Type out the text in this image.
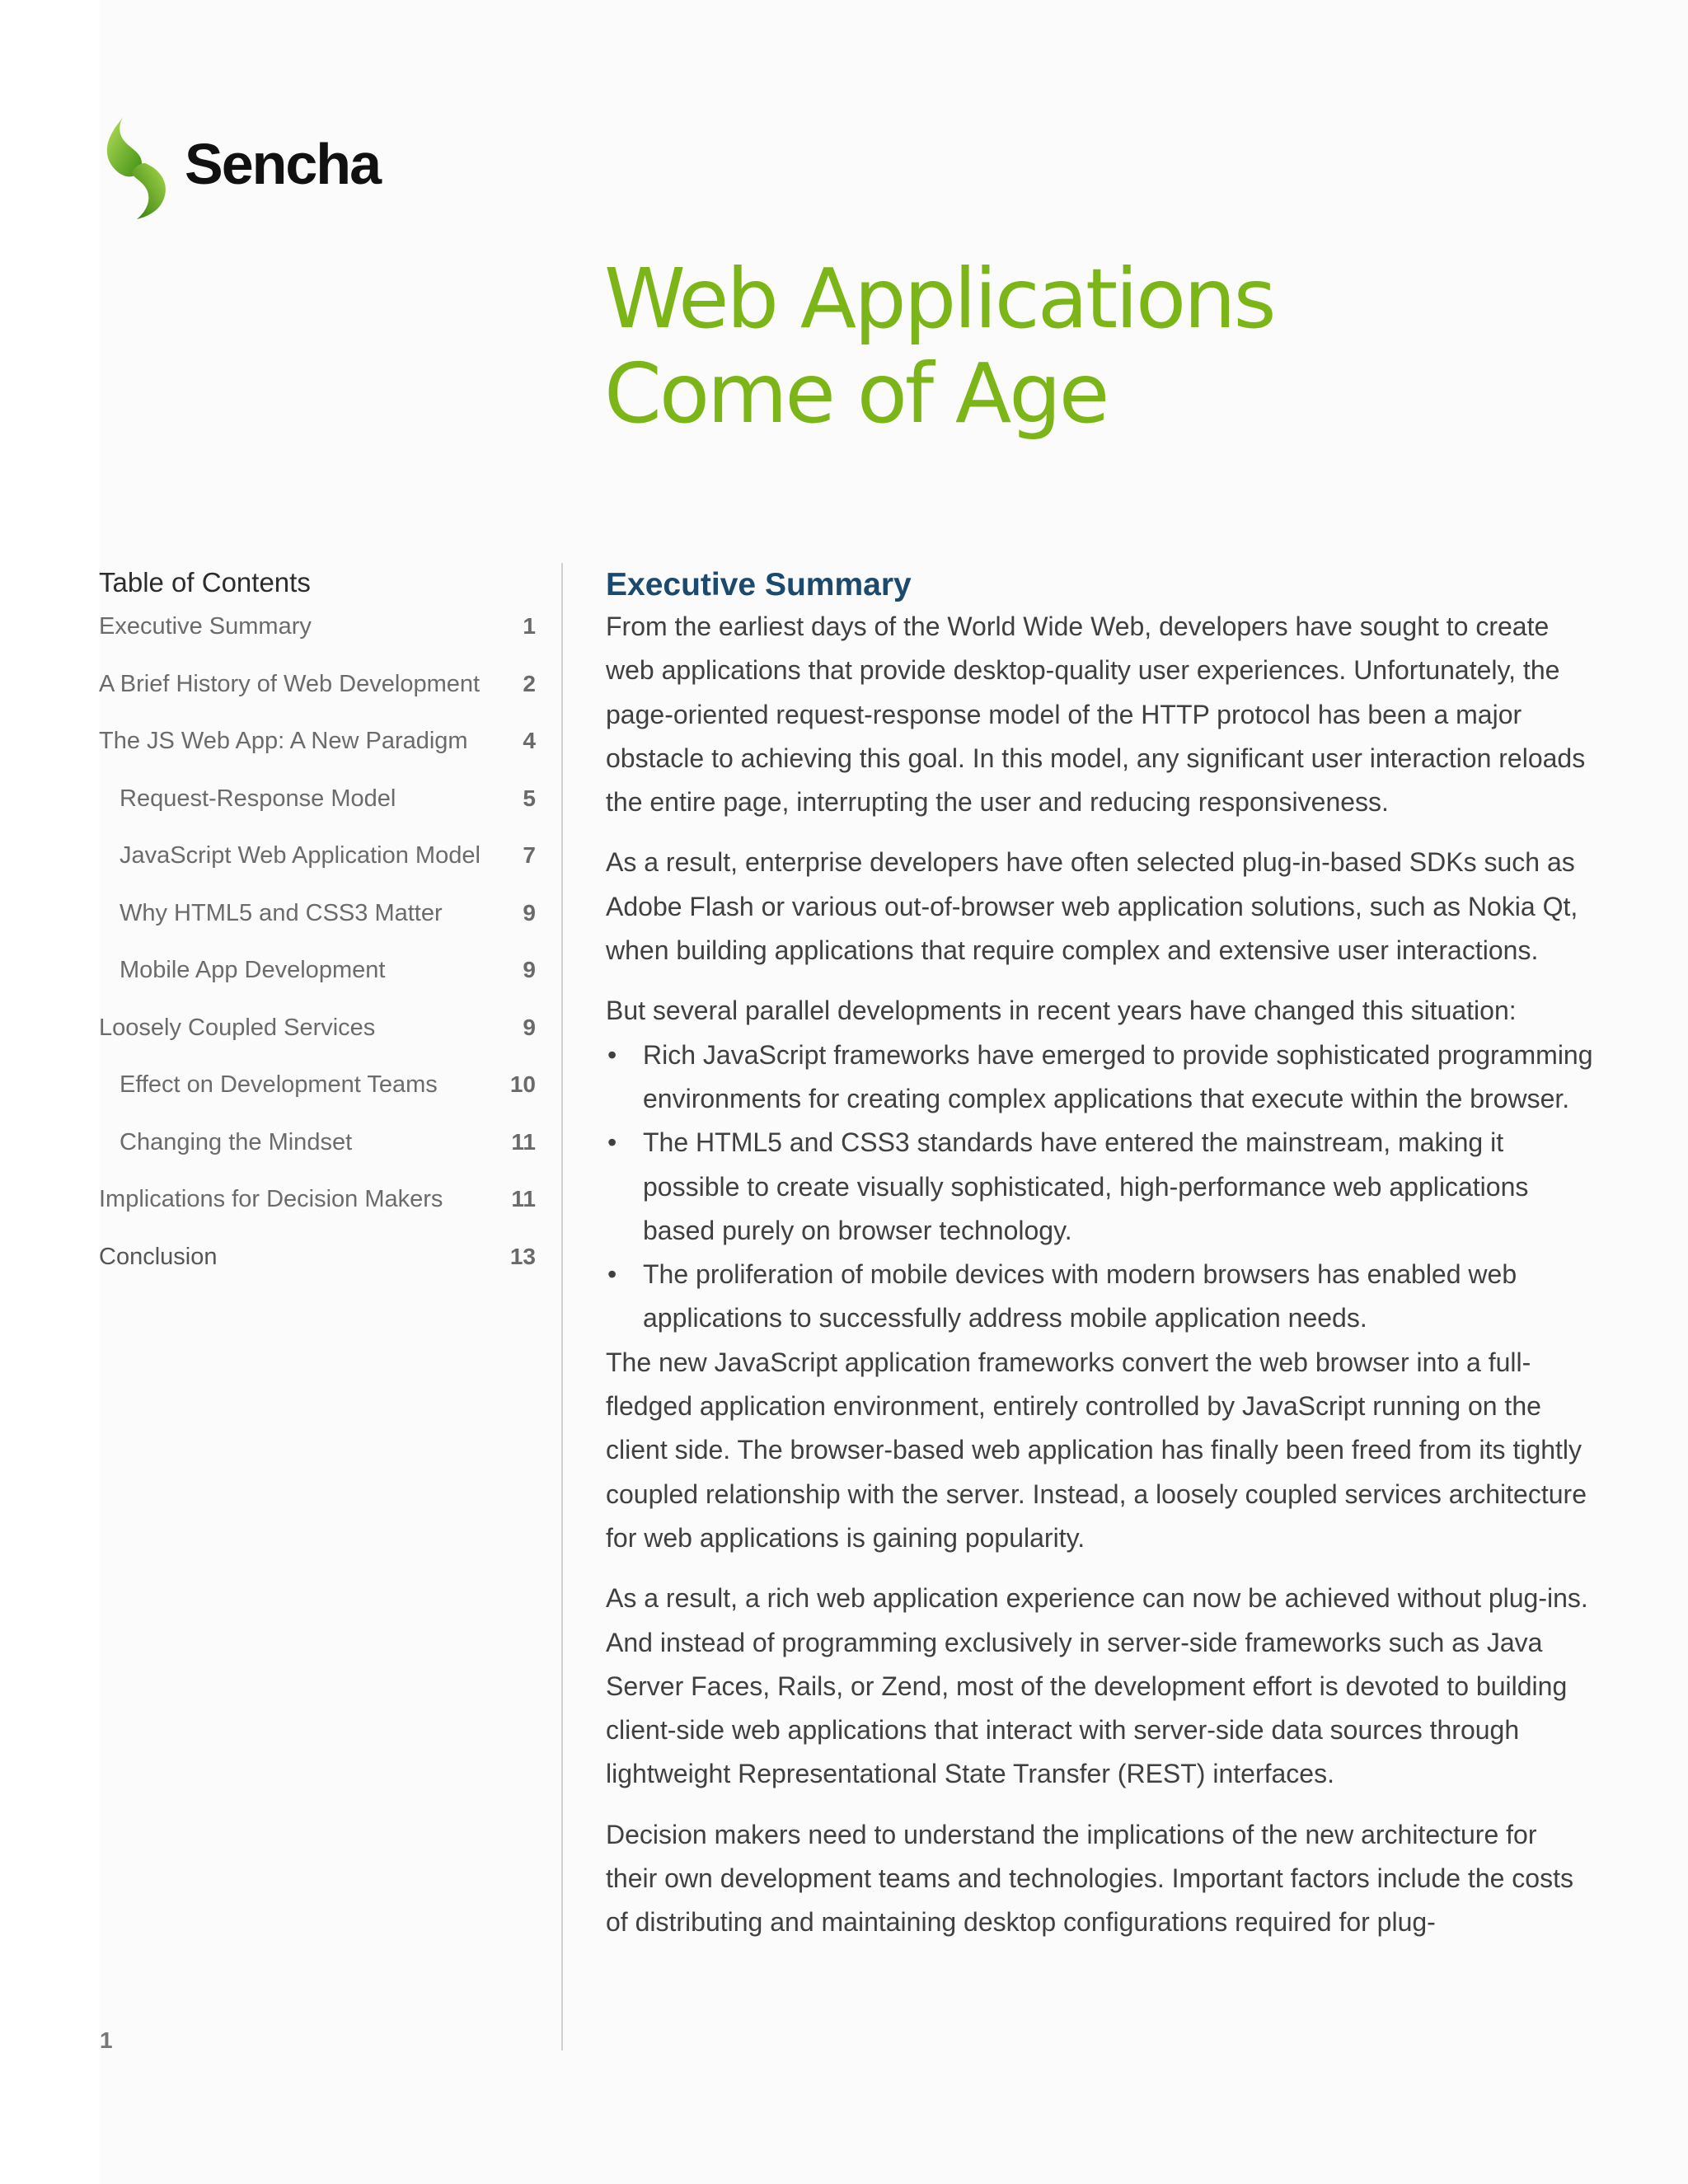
Sencha
Web Applications
Come of Age
Table of Contents
Executive Summary	1
A Brief History of Web Development 2
The JS Web App: A New Paradigm 4
Request-Response Model	5
JavaScript Web Application Model 7
Why HTML5 and CSS3 Matter	9
Mobile App Development	9
Loosely Coupled Services	9
Effect on Development Teams	10
Changing the Mindset	11
Implications for Decision Makers	11
Conclusion	13
Executive Summary

From the earliest days of the World Wide Web, developers have sought to create web applications that provide desktop-quality user experiences. Unfortunately, the page-oriented request-response model of the HTTP protocol has been a major obstacle to achieving this goal. In this model, any significant user interaction reloads the entire page, interrupting the user and reducing responsiveness.

As a result, enterprise developers have often selected plug-in-based SDKs such as Adobe Flash or various out-of-browser web application solutions, such as Nokia Qt, when building applications that require complex and extensive user interactions.

But several parallel developments in recent years have changed this situation:

• Rich JavaScript frameworks have emerged to provide sophisticated programming environments for creating complex applications that execute within the browser.
• The HTML5 and CSS3 standards have entered the mainstream, making it possible to create visually sophisticated, high-performance web applications based purely on browser technology.
• The proliferation of mobile devices with modern browsers has enabled web applications to successfully address mobile application needs.

The new JavaScript application frameworks convert the web browser into a full-fledged application environment, entirely controlled by JavaScript running on the client side. The browser-based web application has finally been freed from its tightly coupled relationship with the server. Instead, a loosely coupled services architecture for web applications is gaining popularity.

As a result, a rich web application experience can now be achieved without plug-ins. And instead of programming exclusively in server-side frameworks such as Java Server Faces, Rails, or Zend, most of the development effort is devoted to building client-side web applications that interact with server-side data sources through lightweight Representational State Transfer (REST) interfaces.

Decision makers need to understand the implications of the new architecture for their own development teams and technologies. Important factors include the costs of distributing and maintaining desktop configurations required for plug-

1
